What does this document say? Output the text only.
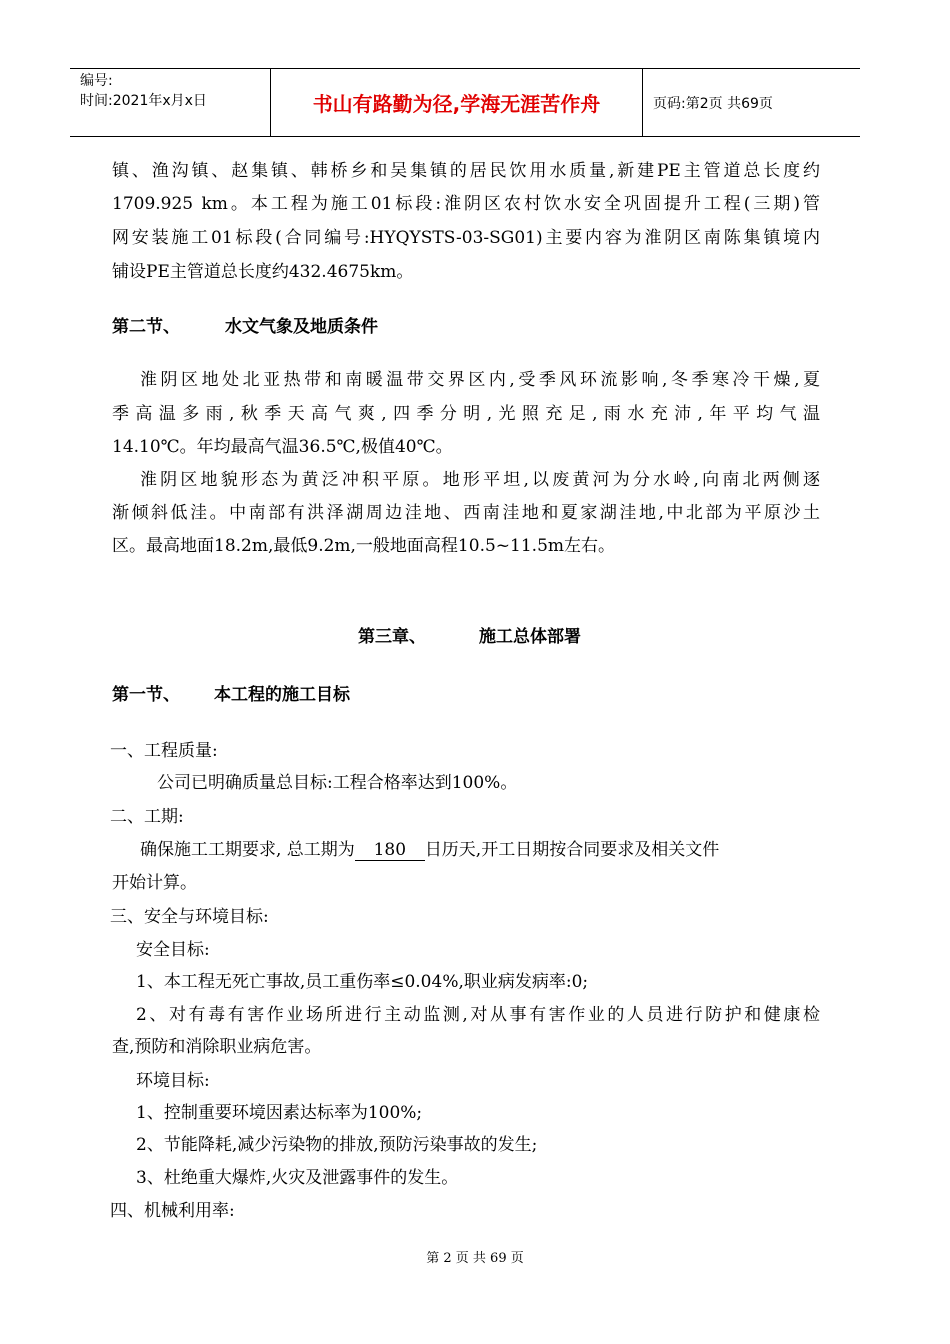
编号:
时间:2021年x月x日	书山有路勤为径,学海无涯苦作舟	页码:第2页 共69页
镇、渔沟镇、赵集镇、韩桥乡和吴集镇的居民饮用水质量,新建PE主管道总长度约
1709.925 km。本工程为施工01标段:淮阴区农村饮水安全巩固提升工程(三期)管
网安装施工01标段(合同编号:HYQYSTS-03-SG01)主要内容为淮阴区南陈集镇境内
铺设PE主管道总长度约432.4675km。
第二节、	水文气象及地质条件
淮阴区地处北亚热带和南暖温带交界区内,受季风环流影响,冬季寒冷干燥,夏
季高温多雨,秋季天高气爽,四季分明,光照充足,雨水充沛,年平均气温
14.10℃。年均最高气温36.5℃,极值40℃。
淮阴区地貌形态为黄泛冲积平原。地形平坦,以废黄河为分水岭,向南北两侧逐
渐倾斜低洼。中南部有洪泽湖周边洼地、西南洼地和夏家湖洼地,中北部为平原沙土
区。最高地面18.2m,最低9.2m,一般地面高程10.5~11.5m左右。
第三章、	施工总体部署
第一节、 本工程的施工目标
一、工程质量:
公司已明确质量总目标:工程合格率达到100%。
二、工期:
确保施工工期要求, 总工期为 180 日历天,开工日期按合同要求及相关文件
开始计算。
三、安全与环境目标:
安全目标:
1、本工程无死亡事故,员工重伤率≤0.04%,职业病发病率:0;
2、对有毒有害作业场所进行主动监测,对从事有害作业的人员进行防护和健康检
查,预防和消除职业病危害。
环境目标:
1、控制重要环境因素达标率为100%;
2、节能降耗,减少污染物的排放,预防污染事故的发生;
3、杜绝重大爆炸,火灾及泄露事件的发生。
四、机械利用率:
第 2 页 共 69 页
